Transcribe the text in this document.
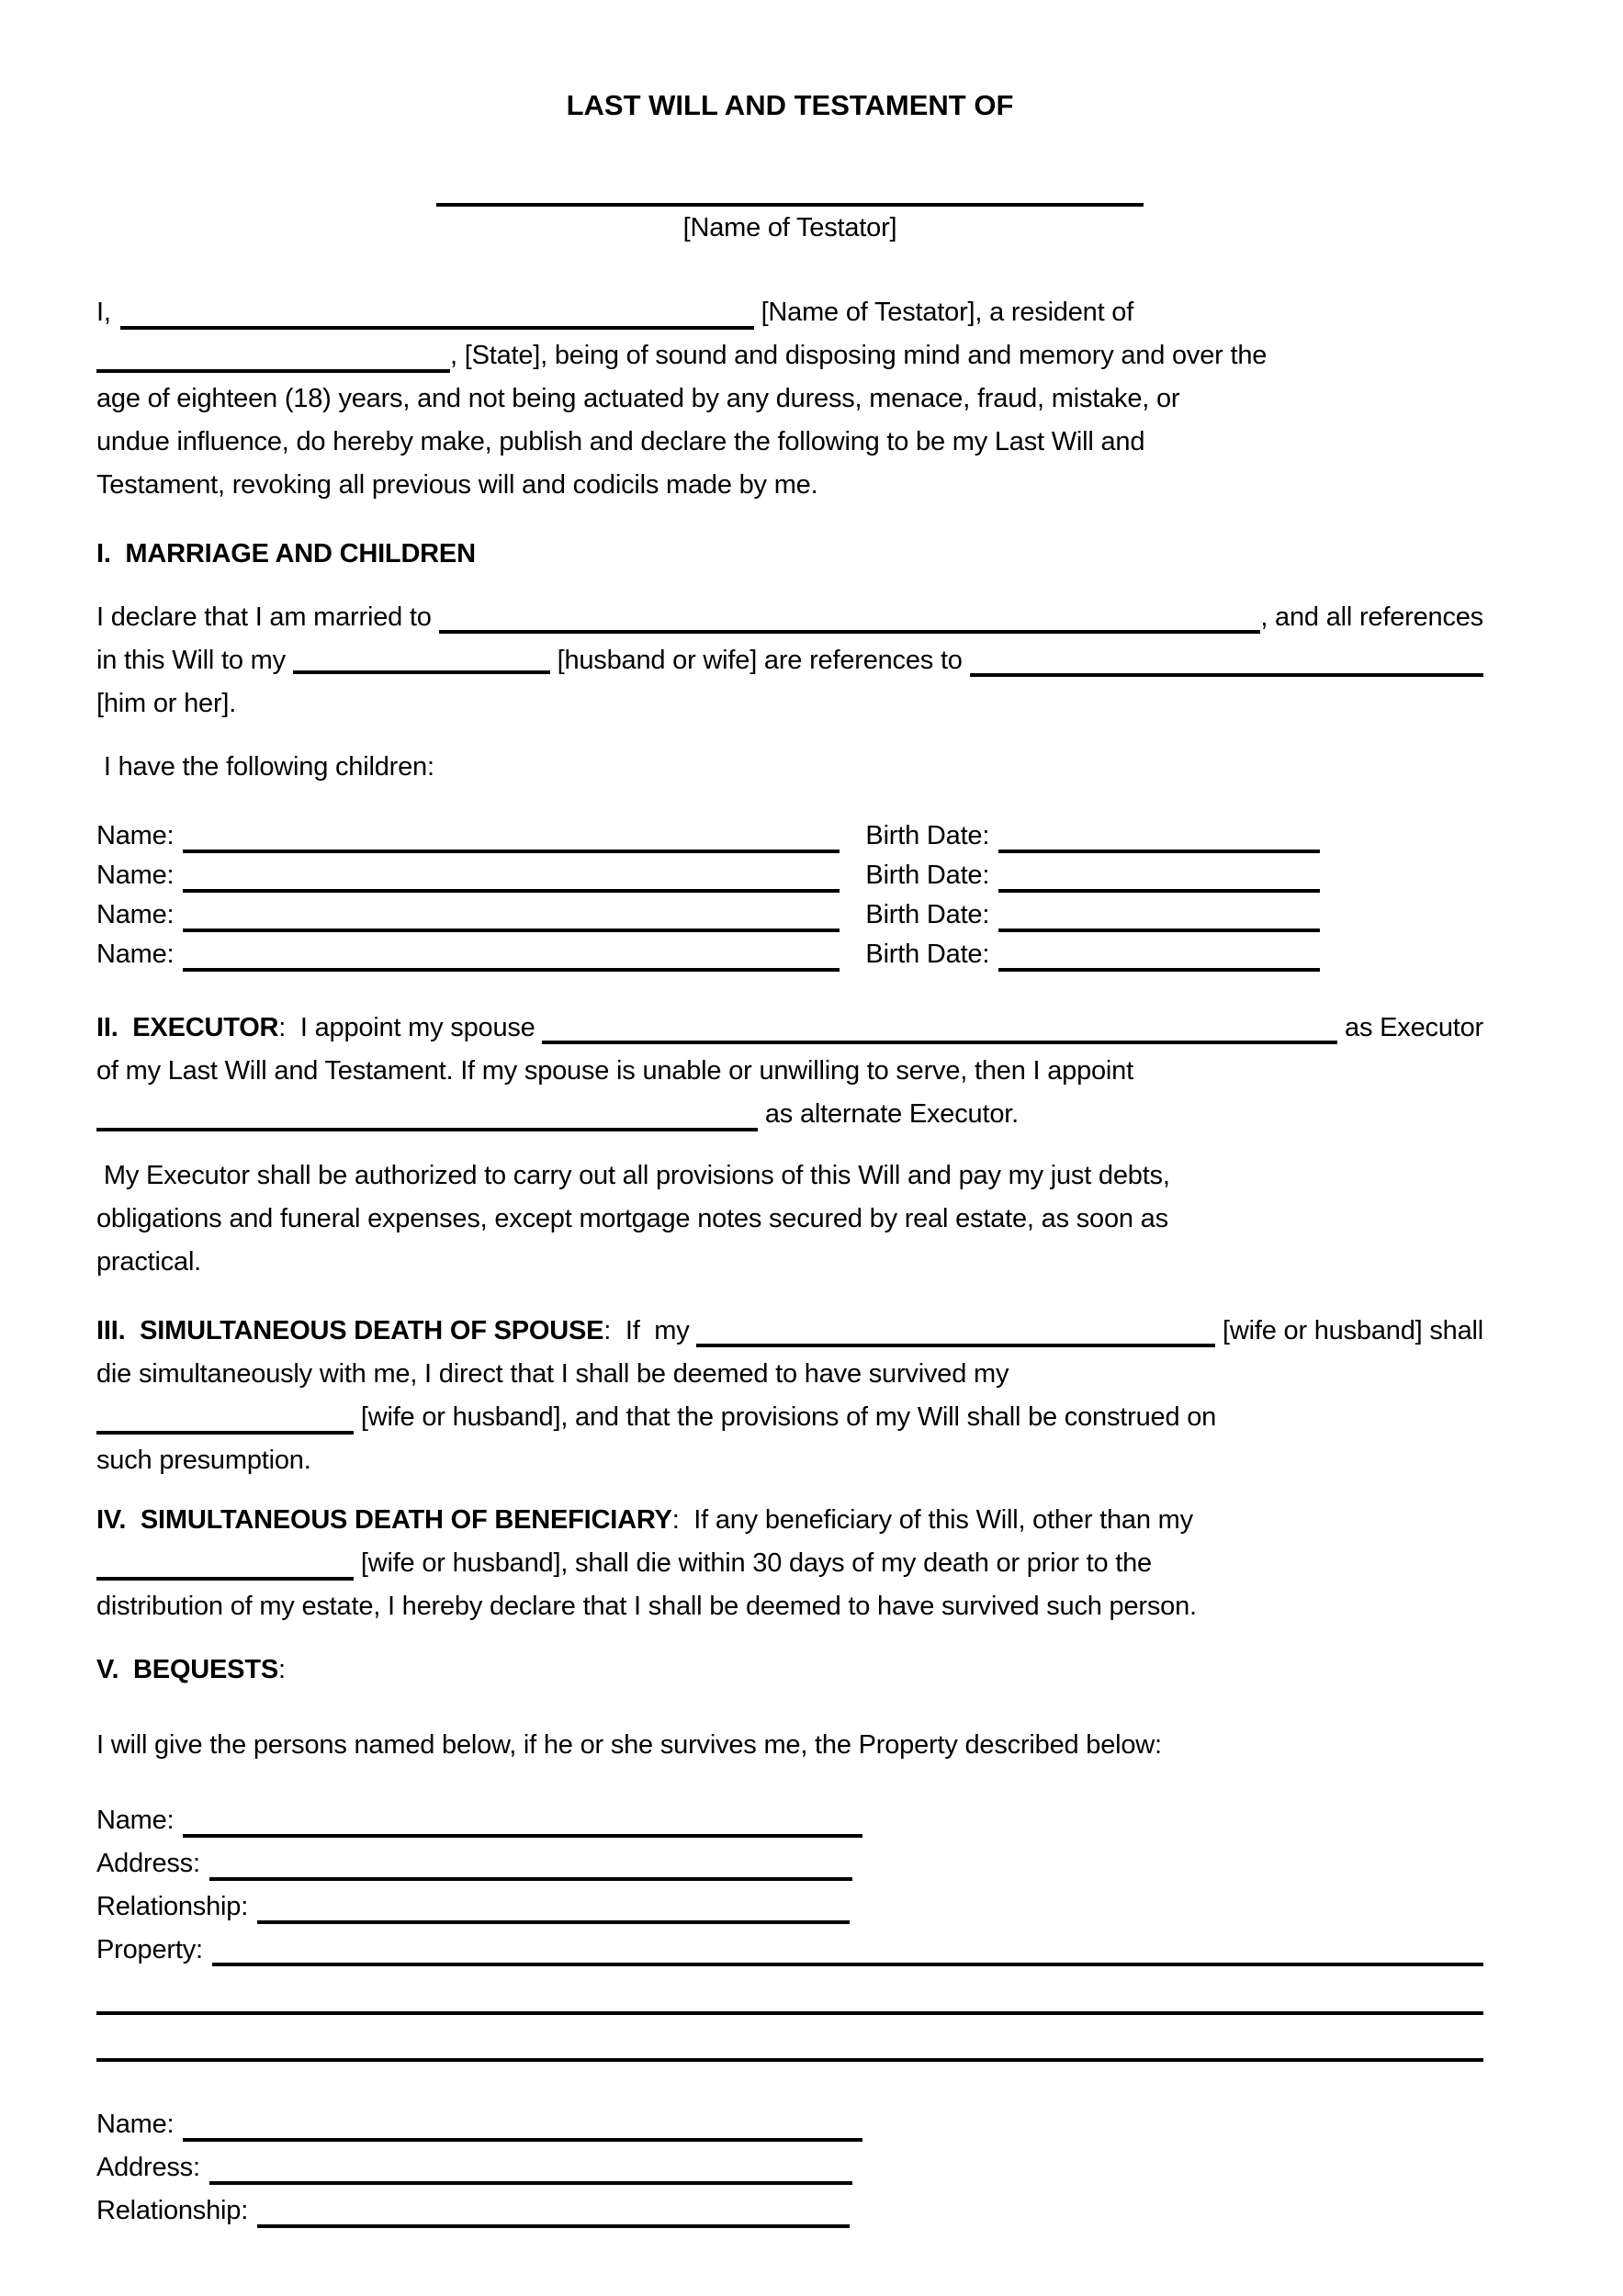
LAST WILL AND TESTAMENT OF
[Name of Testator]
I,	[Name of Testator], a resident of
, [State], being of sound and disposing mind and memory and over the
age of eighteen (18) years, and not being actuated by any duress, menace, fraud, mistake, or
undue influence, do hereby make, publish and declare the following to be my Last Will and
Testament, revoking all previous will and codicils made by me.
I.  MARRIAGE AND CHILDREN
I declare that I am married to	, and all references
in this Will to my	[husband or wife] are references to
[him or her].
I have the following children:
Name:	Birth Date:
Name:	Birth Date:
Name:	Birth Date:
Name:	Birth Date:
II.  EXECUTOR :  I appoint my spouse	as Executor
of my Last Will and Testament. If my spouse is unable or unwilling to serve, then I appoint
as alternate Executor.
My Executor shall be authorized to carry out all provisions of this Will and pay my just debts,
obligations and funeral expenses, except mortgage notes secured by real estate, as soon as
practical.
III.  SIMULTANEOUS DEATH OF SPOUSE :  If  my	[wife or husband] shall
die simultaneously with me, I direct that I shall be deemed to have survived my
[wife or husband], and that the provisions of my Will shall be construed on
such presumption.
IV.  SIMULTANEOUS DEATH OF BENEFICIARY:  If any beneficiary of this Will, other than my
[wife or husband], shall die within 30 days of my death or prior to the
distribution of my estate, I hereby declare that I shall be deemed to have survived such person.
V.  BEQUESTS:
I will give the persons named below, if he or she survives me, the Property described below:
Name:
Address:
Relationship:
Property:
Name:
Address:
Relationship:
